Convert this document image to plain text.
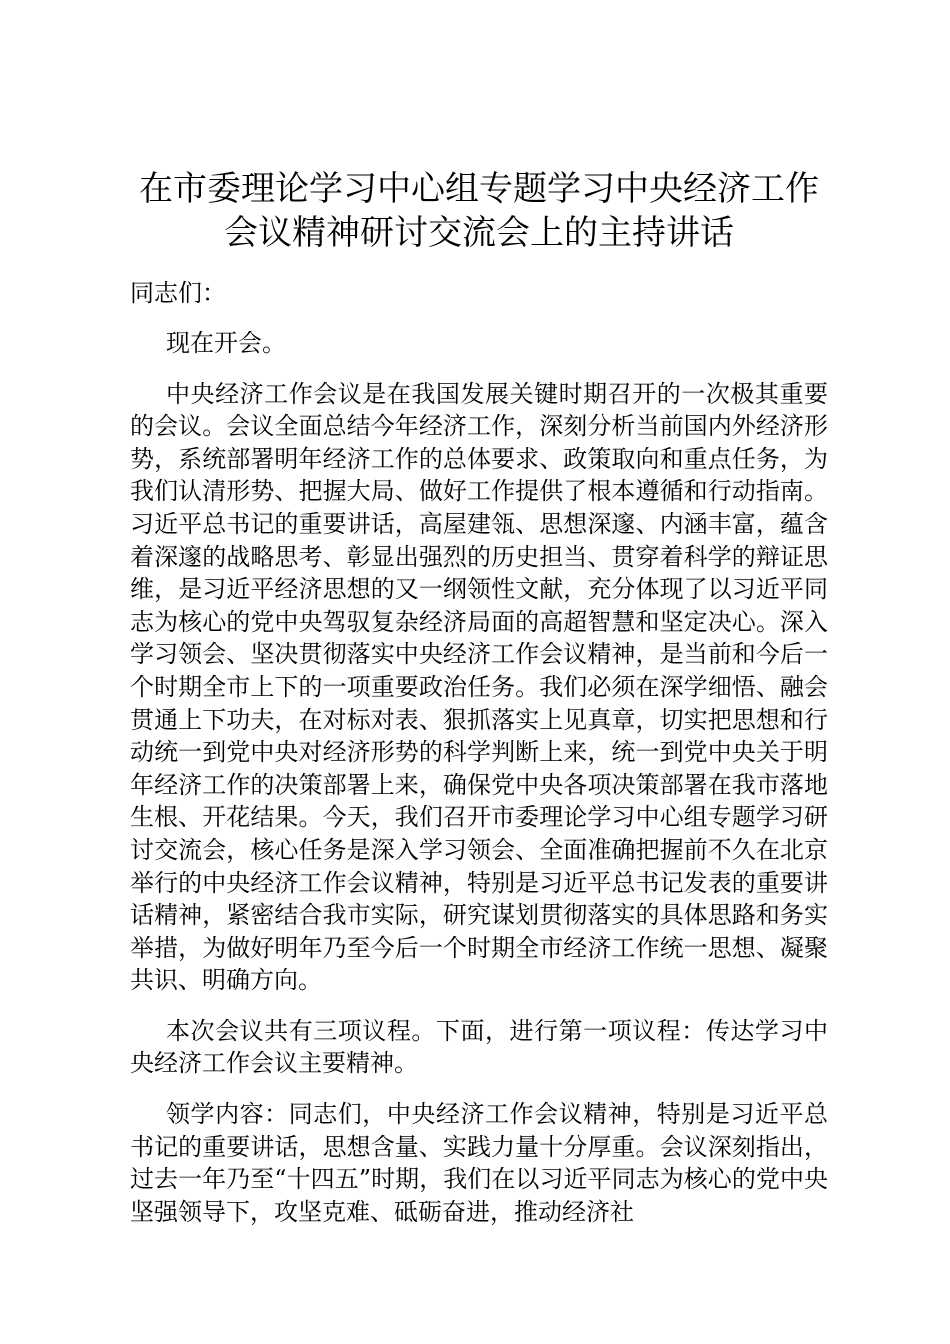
在市委理论学习中心组专题学习中央经济工作
会议精神研讨交流会上的主持讲话

同志们：

现在开会。

中央经济工作会议是在我国发展关键时期召开的一次极其重要的会议。会议全面总结今年经济工作，深刻分析当前国内外经济形势，系统部署明年经济工作的总体要求、政策取向和重点任务，为我们认清形势、把握大局、做好工作提供了根本遵循和行动指南。习近平总书记的重要讲话，高屋建瓴、思想深邃、内涵丰富，蕴含着深邃的战略思考、彰显出强烈的历史担当、贯穿着科学的辩证思维，是习近平经济思想的又一纲领性文献，充分体现了以习近平同志为核心的党中央驾驭复杂经济局面的高超智慧和坚定决心。深入学习领会、坚决贯彻落实中央经济工作会议精神，是当前和今后一个时期全市上下的一项重要政治任务。我们必须在深学细悟、融会贯通上下功夫，在对标对表、狠抓落实上见真章，切实把思想和行动统一到党中央对经济形势的科学判断上来，统一到党中央关于明年经济工作的决策部署上来，确保党中央各项决策部署在我市落地生根、开花结果。今天，我们召开市委理论学习中心组专题学习研讨交流会，核心任务是深入学习领会、全面准确把握前不久在北京举行的中央经济工作会议精神，特别是习近平总书记发表的重要讲话精神，紧密结合我市实际，研究谋划贯彻落实的具体思路和务实举措，为做好明年乃至今后一个时期全市经济工作统一思想、凝聚共识、明确方向。

本次会议共有三项议程。下面，进行第一项议程：传达学习中央经济工作会议主要精神。

领学内容：同志们，中央经济工作会议精神，特别是习近平总书记的重要讲话，思想含量、实践力量十分厚重。会议深刻指出，过去一年乃至“十四五”时期，我们在以习近平同志为核心的党中央坚强领导下，攻坚克难、砥砺奋进，推动经济社
